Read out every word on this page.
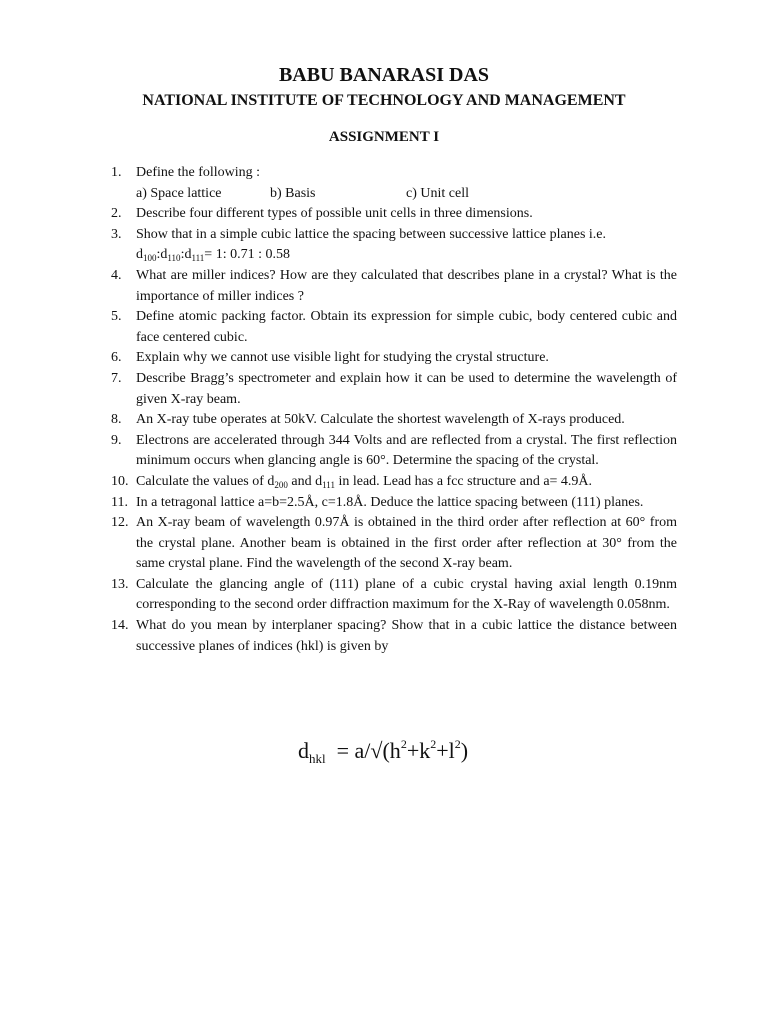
BABU BANARASI DAS
NATIONAL INSTITUTE OF TECHNOLOGY AND MANAGEMENT
ASSIGNMENT I
1. Define the following :
a) Space lattice	b) Basis	c) Unit cell
2. Describe four different types of possible unit cells in three dimensions.
3. Show that in a simple cubic lattice the spacing between successive lattice planes i.e.
$d_{100}:d_{110}:d_{111}= 1$: 0.71 : 0.58
4. What are miller indices? How are they calculated that describes plane in a crystal? What is the importance of miller indices ?
5. Define atomic packing factor. Obtain its expression for simple cubic, body centered cubic and face centered cubic.
6. Explain why we cannot use visible light for studying the crystal structure.
7. Describe Bragg’s spectrometer and explain how it can be used to determine the wavelength of given X-ray beam.
8. An X-ray tube operates at 50kV. Calculate the shortest wavelength of X-rays produced.
9. Electrons are accelerated through 344 Volts and are reflected from a crystal. The first reflection minimum occurs when glancing angle is 60°. Determine the spacing of the crystal.
10. Calculate the values of $d_{200}$ and $d_{111}$ in lead. Lead has a fcc structure and a= 4.9Å.
11. In a tetragonal lattice a=b=2.5Å, c=1.8Å. Deduce the lattice spacing between (111) planes.
12. An X-ray beam of wavelength 0.97Å is obtained in the third order after reflection at 60° from the crystal plane. Another beam is obtained in the first order after reflection at 30° from the same crystal plane. Find the wavelength of the second X-ray beam.
13. Calculate the glancing angle of (111) plane of a cubic crystal having axial length 0.19nm corresponding to the second order diffraction maximum for the X-Ray of wavelength 0.058nm.
14. What do you mean by interplaner spacing? Show that in a cubic lattice the distance between successive planes of indices (hkl) is given by
$d_{hkl} = a/√(h^2+k^2+l^2)$
